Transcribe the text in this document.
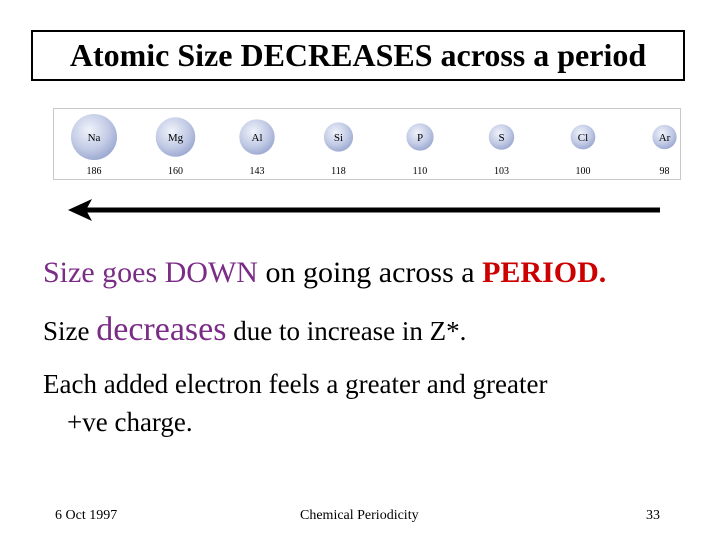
Atomic Size DECREASES across a period
Na
186
Mg
160
Al
143
Si
118
P
110
S
103
Cl
100
Ar
98
Size goes DOWN on going across a PERIOD.
Size decreases due to increase in Z*.
Each added electron feels a greater and greater
+ve charge.
6 Oct 1997	Chemical Periodicity	33
